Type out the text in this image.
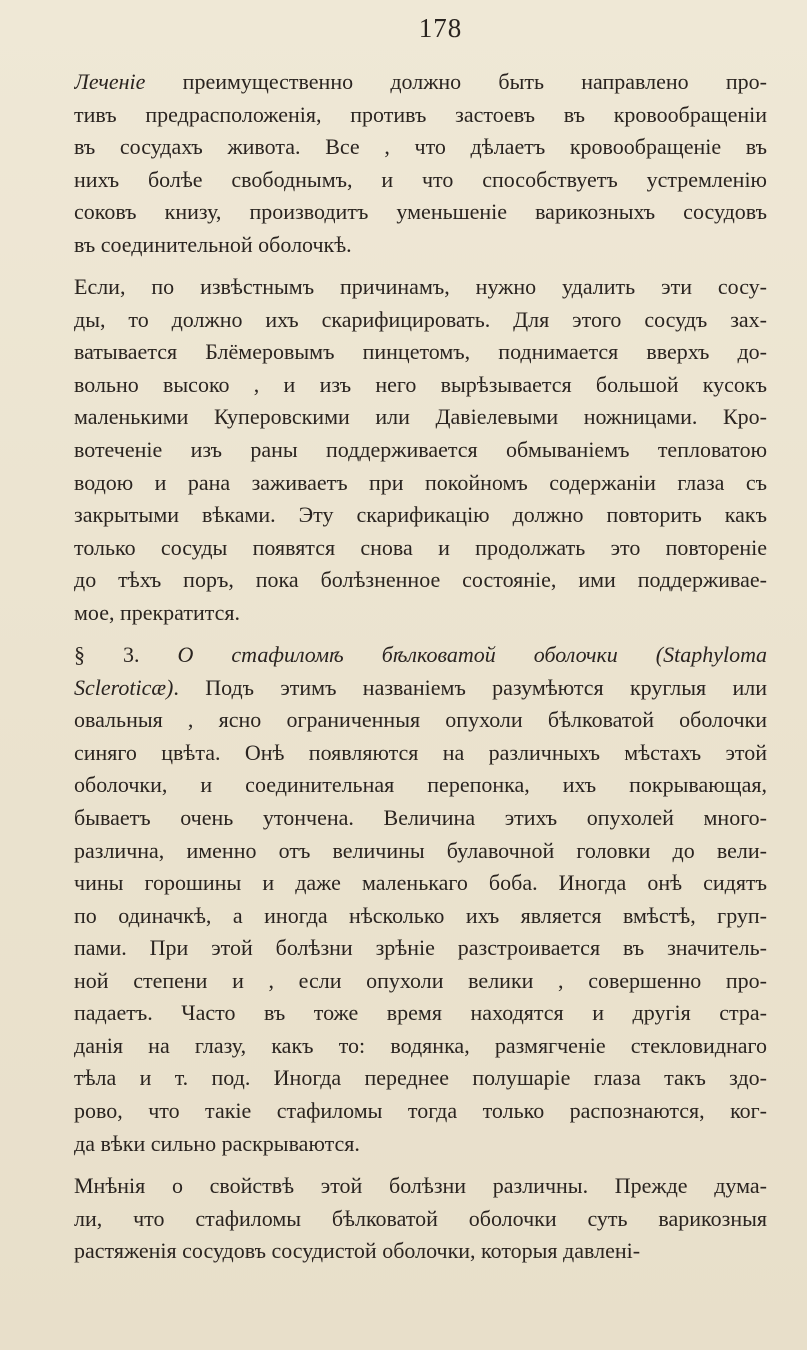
178
Леченіе преимущественно должно быть направлено про-
тивъ предрасположенія, противъ застоевъ въ кровообращеніи
въ сосудахъ живота. Все , что дѣлаетъ кровообращеніе въ
нихъ болѣе свободнымъ, и что способствуетъ устремленію
соковъ книзу, производитъ уменьшеніе варикозныхъ сосудовъ
въ соединительной оболочкѣ.
Если, по извѣстнымъ причинамъ, нужно удалить эти сосу-
ды, то должно ихъ скарифицировать. Для этого сосудъ зах-
ватывается Блёмеровымъ пинцетомъ, поднимается вверхъ до-
вольно высоко , и изъ него вырѣзывается большой кусокъ
маленькими Куперовскими или Давіелевыми ножницами. Кро-
вотеченіе изъ раны поддерживается обмываніемъ тепловатою
водою и рана заживаетъ при покойномъ содержаніи глаза съ
закрытыми вѣками. Эту скарификацію должно повторить какъ
только сосуды появятся снова и продолжать это повтореніе
до тѣхъ поръ, пока болѣзненное состояніе, ими поддерживае-
мое, прекратится.
§ 3. О стафиломѣ бѣлковатой оболочки (Staphyloma
Scleroticæ). Подъ этимъ названіемъ разумѣются круглыя или
овальныя , ясно ограниченныя опухоли бѣлковатой оболочки
синяго цвѣта. Онѣ появляются на различныхъ мѣстахъ этой
оболочки, и соединительная перепонка, ихъ покрывающая,
бываетъ очень утончена. Величина этихъ опухолей много-
различна, именно отъ величины булавочной головки до вели-
чины горошины и даже маленькаго боба. Иногда онѣ сидятъ
по одиначкѣ, а иногда нѣсколько ихъ является вмѣстѣ, груп-
пами. При этой болѣзни зрѣніе разстроивается въ значитель-
ной степени и , если опухоли велики , совершенно про-
падаетъ. Часто въ тоже время находятся и другія стра-
данія на глазу, какъ то: водянка, размягченіе стекловиднаго
тѣла и т. под. Иногда переднее полушаріе глаза такъ здо-
рово, что такіе стафиломы тогда только распознаются, ког-
да вѣки сильно раскрываются.
Мнѣнія о свойствѣ этой болѣзни различны. Прежде дума-
ли, что стафиломы бѣлковатой оболочки суть варикозныя
растяженія сосудовъ сосудистой оболочки, которыя давлені-
